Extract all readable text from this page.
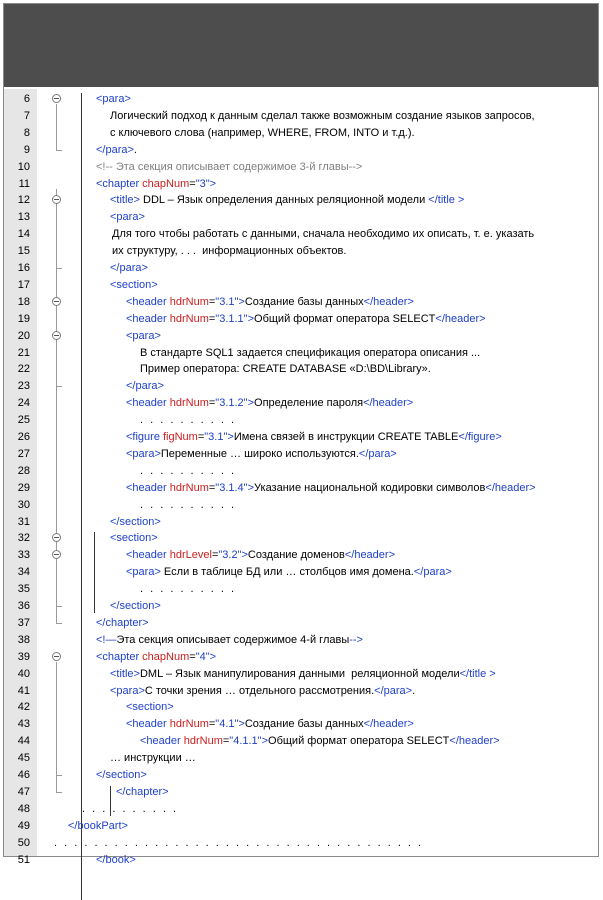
6	<para>
7	Логический подход к данным сделал также возможным создание языков запросов,
8	с ключевого слова (например, WHERE, FROM, INTO и т.д.).
9	</para>.
10	<!-- Эта секция описывает содержимое 3-й главы-->
11	<chapter chapNum="3">
12	<title> DDL – Язык определения данных реляционной модели </title >
13	<para>
14	Для того чтобы работать с данными, сначала необходимо их описать, т. е. указать
15	их структуру, . . .  информационных объектов.
16	</para>
17	<section>
18	<header hdrNum="3.1">Создание базы данных</header>
19	<header hdrNum="3.1.1">Общий формат оператора SELECT</header>
20	<para>
21	В стандарте SQL1 задается спецификация оператора описания ...
22	Пример оператора: CREATE DATABASE «D:\BD\Library».
23	</para>
24	<header hdrNum="3.1.2">Определение пароля</header>
25	. . . . . . . . . .
26	<figure figNum="3.1">Имена связей в инструкции CREATE TABLE</figure>
27	<para>Переменные … широко используются.</para>
28	. . . . . . . . . .
29	<header hdrNum="3.1.4">Указание национальной кодировки символов</header>
30	. . . . . . . . . .
31	</section>
32	<section>
33	<header hdrLevel="3.2">Создание доменов</header>
34	<para> Если в таблице БД или … столбцов имя домена.</para>
35	. . . . . . . . . .
36	</section>
37	</chapter>
38	<!—Эта секция описывает содержимое 4-й главы-->
39	<chapter chapNum="4">
40	<title>DML – Язык манипулирования данными  реляционной модели</title >
41	<para>С точки зрения … отдельного рассмотрения.</para>.
42	<section>
43	<header hdrNum="4.1">Создание базы данных</header>
44	<header hdrNum="4.1.1">Общий формат оператора SELECT</header>
45	… инструкции …
46	</section>
47	</chapter>
48	. . . . . . . . . .
49	</bookPart>
50 . . . . . . . . . . . . . . . . . . . . . . . . . . . . . . . . . . . . .
51	</book>
